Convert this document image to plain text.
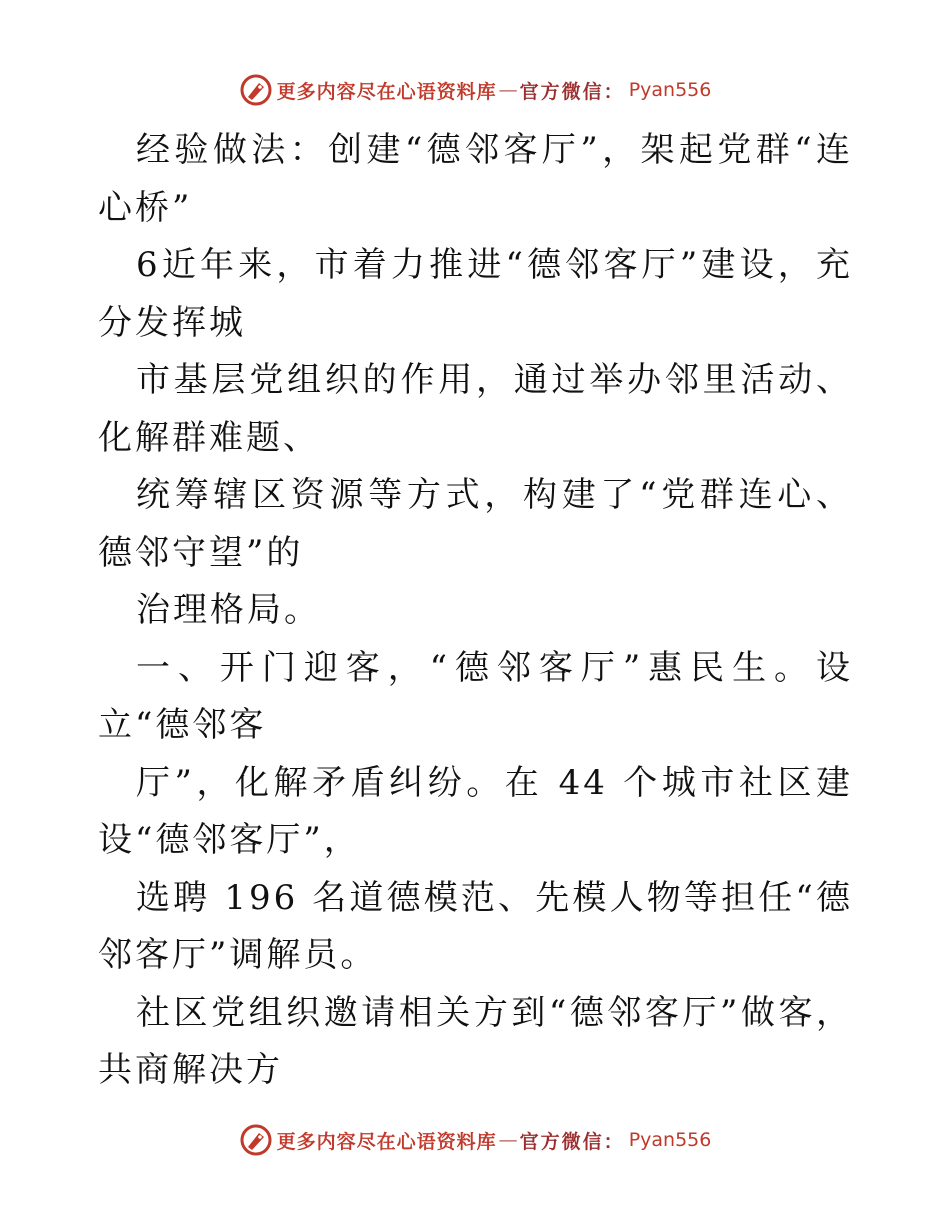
更多内容尽在心语资料库 — 官方微信： Pyan556

经验做法：创建“德邻客厅”，架起党群“连心桥”

6近年来，市着力推进“德邻客厅”建设，充分发挥城

市基层党组织的作用，通过举办邻里活动、化解群难题、

统筹辖区资源等方式，构建了“党群连心、德邻守望”的

治理格局。

一、开门迎客，“德邻客厅”惠民生。设立“德邻客

厅”，化解矛盾纠纷。在 44 个城市社区建设“德邻客厅”，

选聘 196 名道德模范、先模人物等担任“德邻客厅”调解员。

社区党组织邀请相关方到“德邻客厅”做客，共商解决方

更多内容尽在心语资料库 — 官方微信： Pyan556
